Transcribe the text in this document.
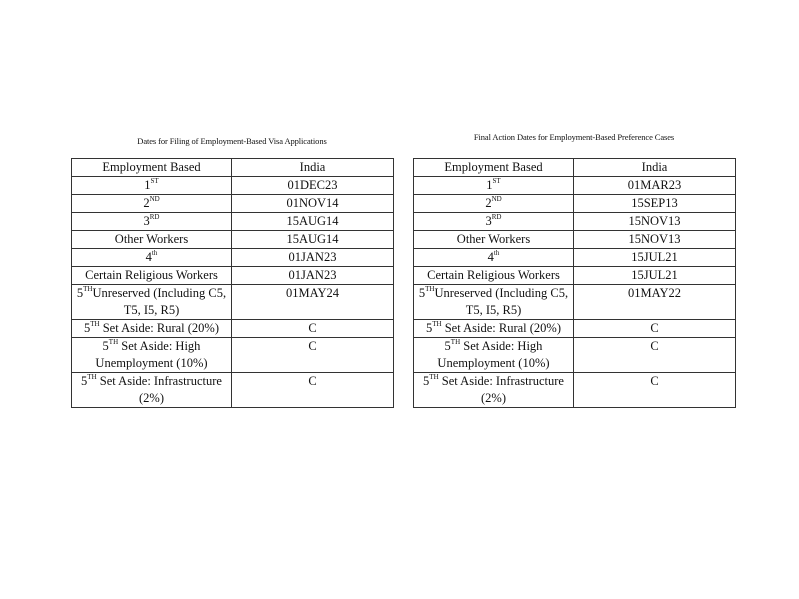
Dates for Filing of Employment-Based Visa Applications
Employment Based	India
1ST	01DEC23
2ND	01NOV14
3RD	15AUG14
Other Workers	15AUG14
4th	01JAN23
Certain Religious Workers	01JAN23
5THUnreserved (Including C5, T5, I5, R5)	01MAY24
5TH Set Aside: Rural (20%)	C
5TH Set Aside: High Unemployment (10%)	C
5TH Set Aside: Infrastructure (2%)	C
Final Action Dates for Employment-Based Preference Cases
Employment Based	India
1ST	01MAR23
2ND	15SEP13
3RD	15NOV13
Other Workers	15NOV13
4th	15JUL21
Certain Religious Workers	15JUL21
5THUnreserved (Including C5, T5, I5, R5)	01MAY22
5TH Set Aside: Rural (20%)	C
5TH Set Aside: High Unemployment (10%)	C
5TH Set Aside: Infrastructure (2%)	C
